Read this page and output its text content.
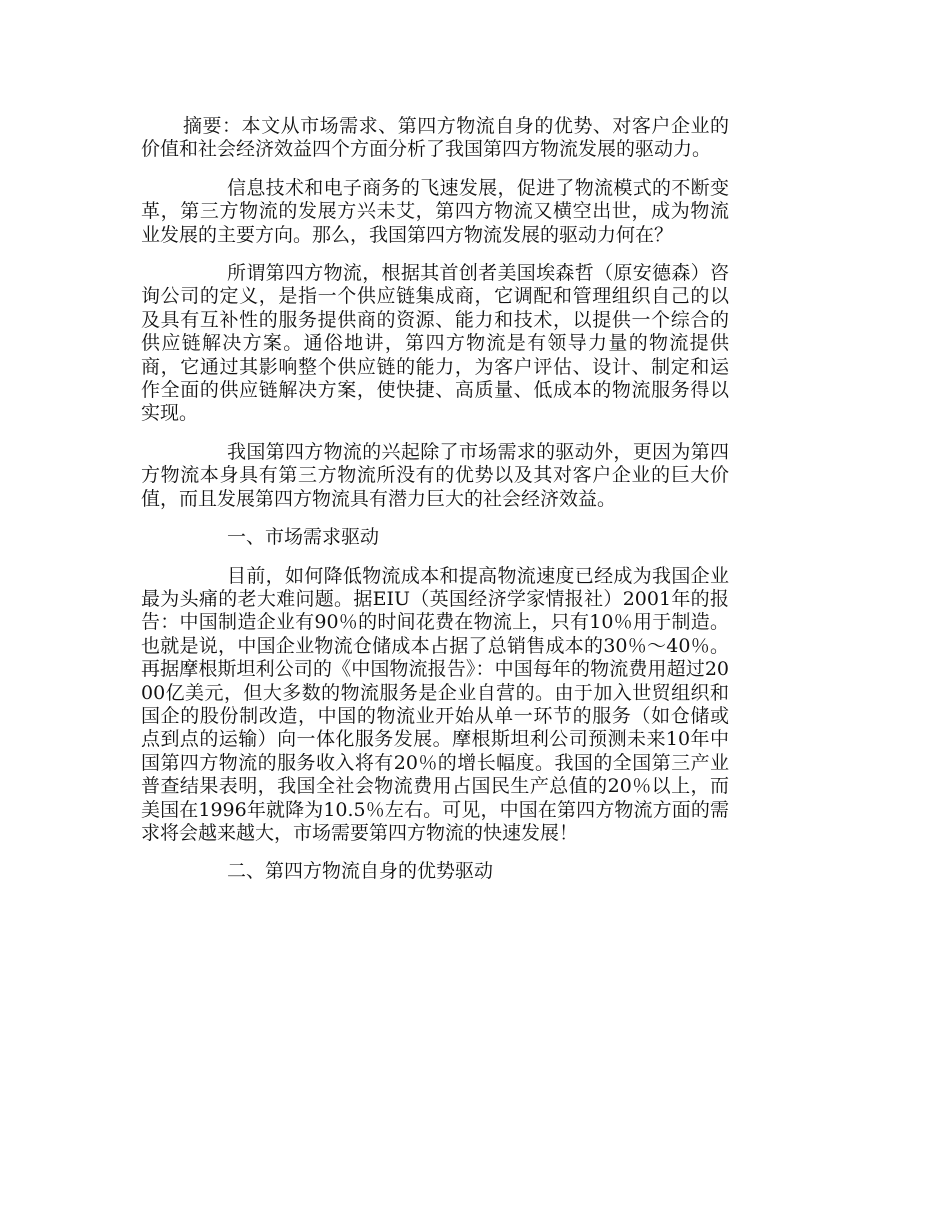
摘要：本文从市场需求、第四方物流自身的优势、对客户企业的价值和社会经济效益四个方面分析了我国第四方物流发展的驱动力。

信息技术和电子商务的飞速发展，促进了物流模式的不断变革，第三方物流的发展方兴未艾，第四方物流又横空出世，成为物流业发展的主要方向。那么，我国第四方物流发展的驱动力何在？

所谓第四方物流，根据其首创者美国埃森哲（原安德森）咨询公司的定义，是指一个供应链集成商，它调配和管理组织自己的以及具有互补性的服务提供商的资源、能力和技术，以提供一个综合的供应链解决方案。通俗地讲，第四方物流是有领导力量的物流提供商，它通过其影响整个供应链的能力，为客户评估、设计、制定和运作全面的供应链解决方案，使快捷、高质量、低成本的物流服务得以实现。

我国第四方物流的兴起除了市场需求的驱动外，更因为第四方物流本身具有第三方物流所没有的优势以及其对客户企业的巨大价值，而且发展第四方物流具有潜力巨大的社会经济效益。

一、市场需求驱动

目前，如何降低物流成本和提高物流速度已经成为我国企业最为头痛的老大难问题。据EIU（英国经济学家情报社）2001年的报告：中国制造企业有90％的时间花费在物流上，只有10％用于制造。也就是说，中国企业物流仓储成本占据了总销售成本的30％～40％。再据摩根斯坦利公司的《中国物流报告》：中国每年的物流费用超过2000亿美元，但大多数的物流服务是企业自营的。由于加入世贸组织和国企的股份制改造，中国的物流业开始从单一环节的服务（如仓储或点到点的运输）向一体化服务发展。摩根斯坦利公司预测未来10年中国第四方物流的服务收入将有20％的增长幅度。我国的全国第三产业普查结果表明，我国全社会物流费用占国民生产总值的20％以上，而美国在1996年就降为10.5％左右。可见，中国在第四方物流方面的需求将会越来越大，市场需要第四方物流的快速发展！

二、第四方物流自身的优势驱动
